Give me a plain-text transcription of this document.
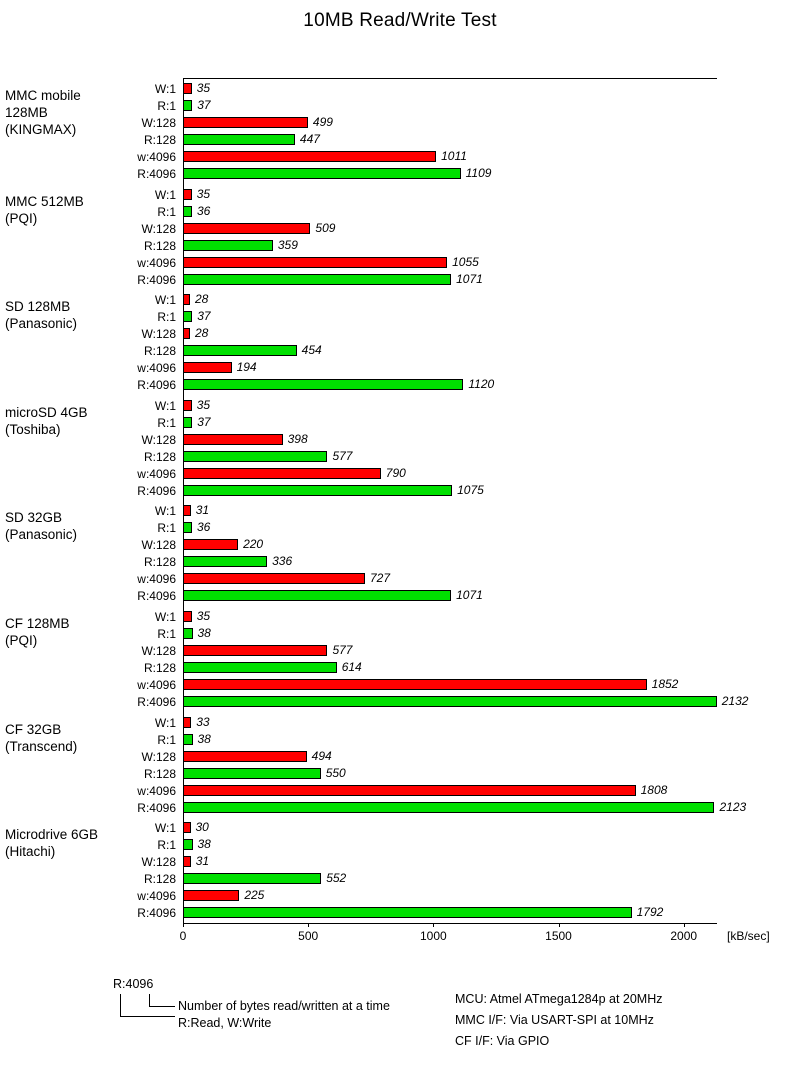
10MB Read/Write Test
MMC mobile
128MB
(KINGMAX)
W:1 35
R:1 37
W:128	499
R:128	447
w:4096	1011
R:4096	1109
MMC 512MB
(PQI)
W:1 35
R:1 36
W:128	509
R:128	359
w:4096	1055
R:4096	1071
SD 128MB
(Panasonic)
W:1 28
R:1 37
W:128 28
R:128	454
w:4096	194
R:4096	1120
microSD 4GB
(Toshiba)
W:1 35
R:1 37
W:128	398
R:128	577
w:4096	790
R:4096	1075
SD 32GB
(Panasonic)
W:1 31
R:1 36
W:128	220
R:128	336
w:4096	727
R:4096	1071
CF 128MB
(PQI)
W:1 35
R:1 38
W:128	577
R:128	614
w:4096	1852
R:4096	2132
CF 32GB
(Transcend)
W:1 33
R:1 38
W:128	494
R:128	550
w:4096	1808
R:4096	2123
Microdrive 6GB
(Hitachi)
W:1 30
R:1 38
W:128 31
R:128	552
w:4096	225
R:4096	1792
0	500	1000	1500	2000 [kB/sec]
R:4096
Number of bytes read/written at a time
R:Read, W:Write
MCU: Atmel ATmega1284p at 20MHz
MMC I/F: Via USART-SPI at 10MHz
CF I/F: Via GPIO
